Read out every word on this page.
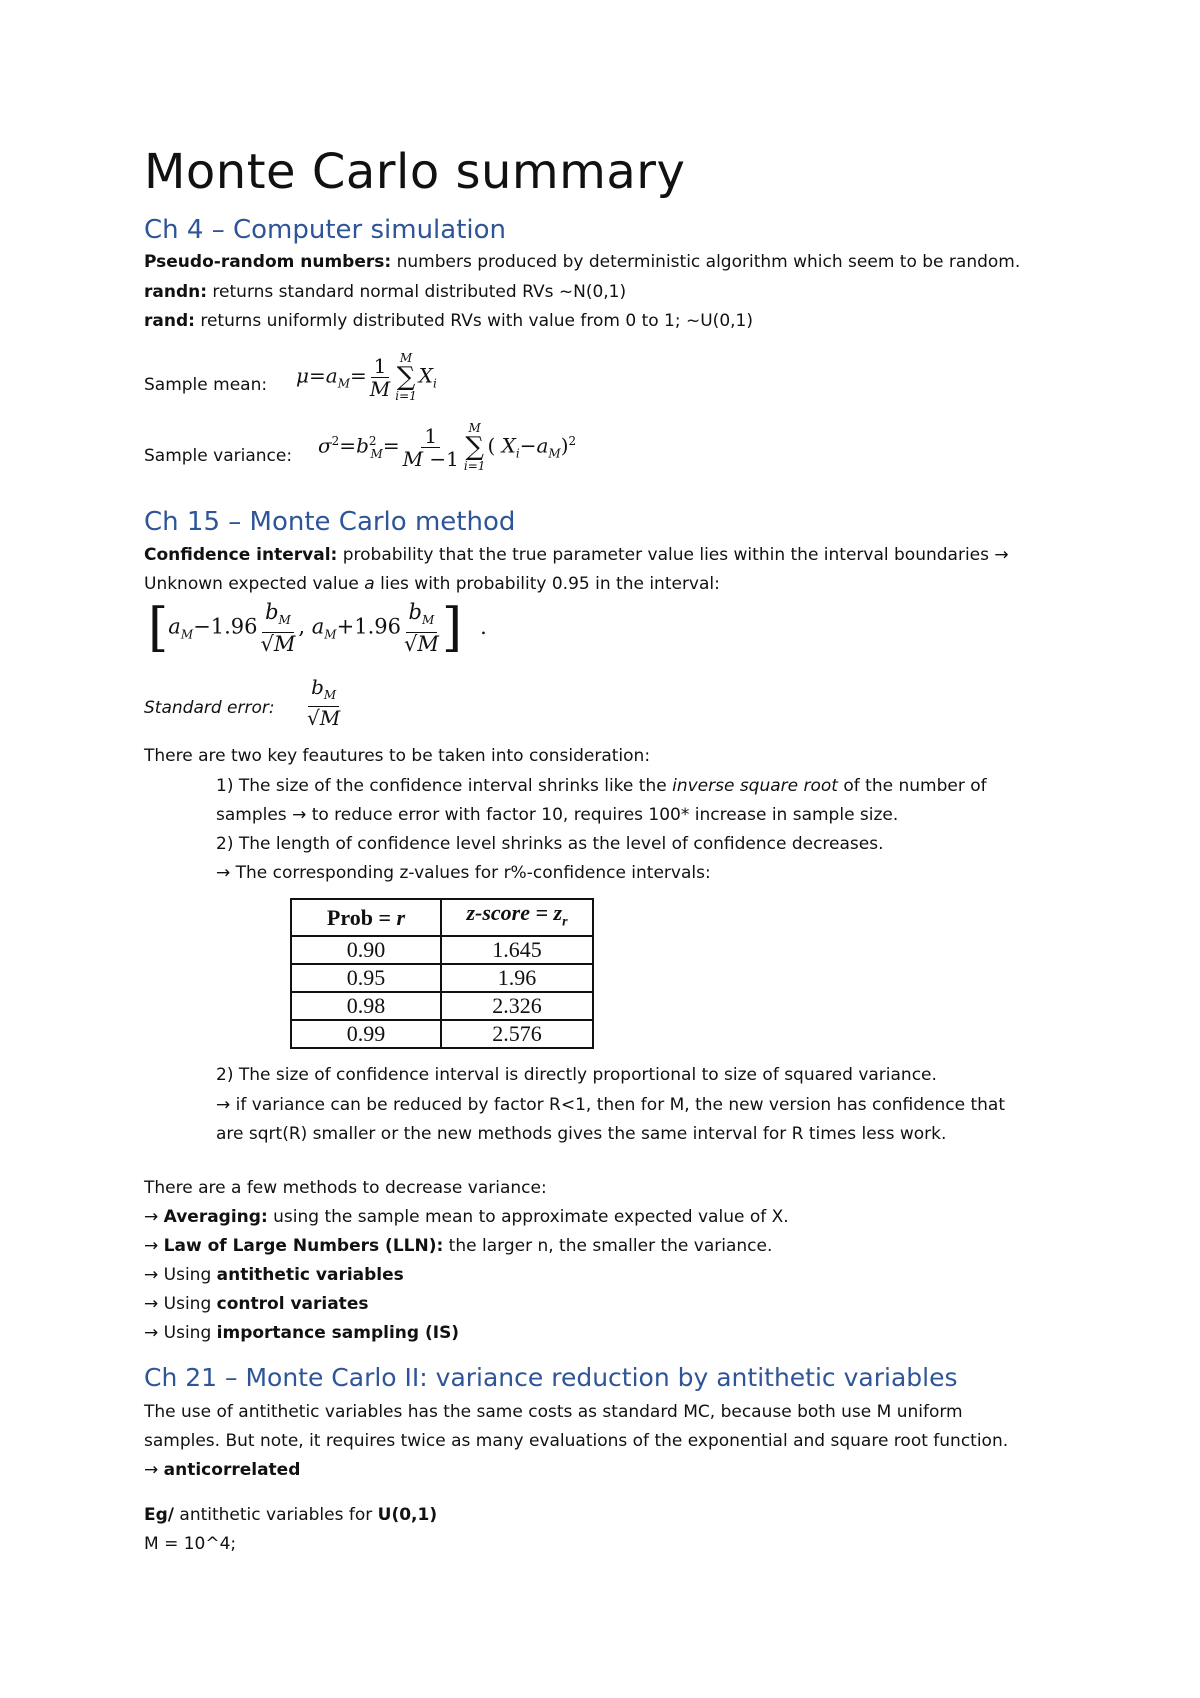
Monte Carlo summary
Ch 4 – Computer simulation
Pseudo-random numbers: numbers produced by deterministic algorithm which seem to be random.
randn: returns standard normal distributed RVs ~N(0,1)
rand: returns uniformly distributed RVs with value from 0 to 1; ~U(0,1)
Sample mean: $\mu=a_M= \frac{1}{M}$ M
∑
i=1
$X_i$
Sample variance: $\sigma^2=b^2_M= \frac{1}{M -1}$ M
∑
i=1
( $X_i-a_M)^2$
Ch 15 – Monte Carlo method
Confidence interval: probability that the true parameter value lies within the interval boundaries →
Unknown expected value a lies with probability 0.95 in the interval:
[$a_M-1.96 \frac{b_M}{√M}$ , $a_M+1.96 \frac{b_M}{√M}$ ] .
Standard error: $\frac{b_M}{√M}$
There are two key feautures to be taken into consideration:
1) The size of the confidence interval shrinks like the inverse square root of the number of
samples → to reduce error with factor 10, requires 100* increase in sample size.
2) The length of confidence level shrinks as the level of confidence decreases.
→ The corresponding z-values for r%-confidence intervals:
Prob = r	z-score = $z_r$
0.90	1.645
0.95	1.96
0.98	2.326
0.99	2.576
2) The size of confidence interval is directly proportional to size of squared variance.
→ if variance can be reduced by factor R<1, then for M, the new version has confidence that
are sqrt(R) smaller or the new methods gives the same interval for R times less work.
There are a few methods to decrease variance:
→ Averaging: using the sample mean to approximate expected value of X.
→ Law of Large Numbers (LLN): the larger n, the smaller the variance.
→ Using antithetic variables
→ Using control variates
→ Using importance sampling (IS)
Ch 21 – Monte Carlo II: variance reduction by antithetic variables
The use of antithetic variables has the same costs as standard MC, because both use M uniform
samples. But note, it requires twice as many evaluations of the exponential and square root function.
→ anticorrelated
Eg/ antithetic variables for U(0,1)
M = 10^4;
